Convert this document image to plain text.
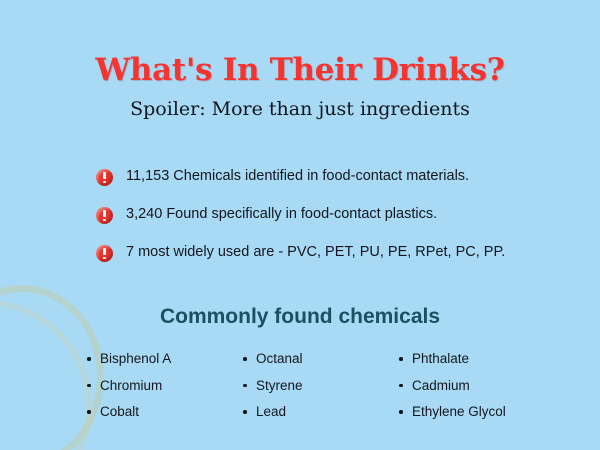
What's In Their Drinks?
Spoiler: More than just ingredients
11,153 Chemicals identified in food-contact materials.
3,240 Found specifically in food-contact plastics.
7 most widely used are - PVC, PET, PU, PE, RPet, PC, PP.
Commonly found chemicals
Bisphenol A
Chromium
Cobalt
Octanal
Styrene
Lead
Phthalate
Cadmium
Ethylene Glycol
